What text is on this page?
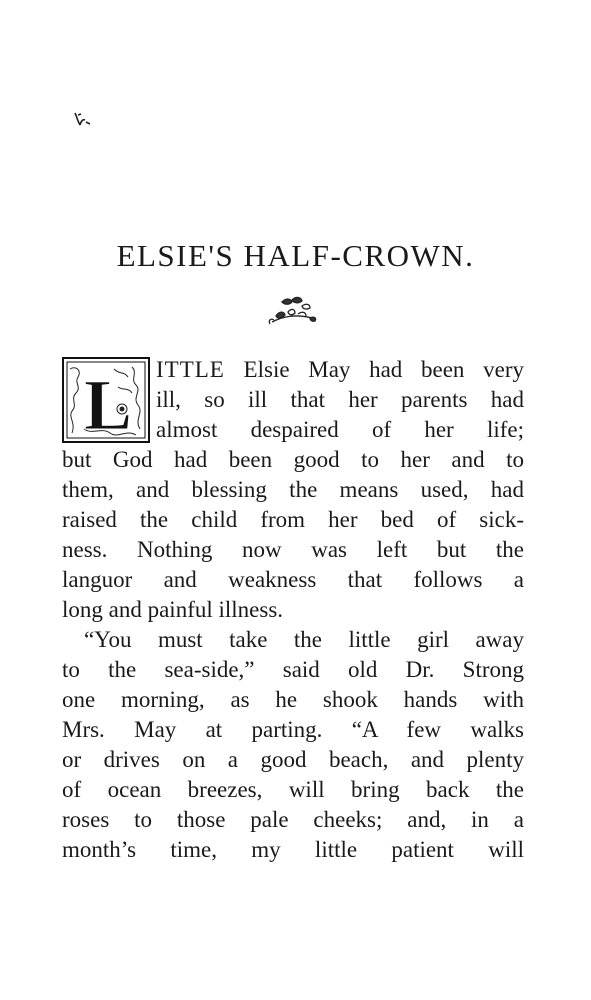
ELSIE'S HALF-CROWN.
L ITTLE Elsie May had been very
ill, so ill that her parents had
almost despaired of her life;
but God had been good to her and to
them, and blessing the means used, had
raised the child from her bed of sick-
ness. Nothing now was left but the
languor and weakness that follows a
long and painful illness.
“You must take the little girl away
to the sea-side,” said old Dr. Strong
one morning, as he shook hands with
Mrs. May at parting. “A few walks
or drives on a good beach, and plenty
of ocean breezes, will bring back the
roses to those pale cheeks; and, in a
month’s time, my little patient will
